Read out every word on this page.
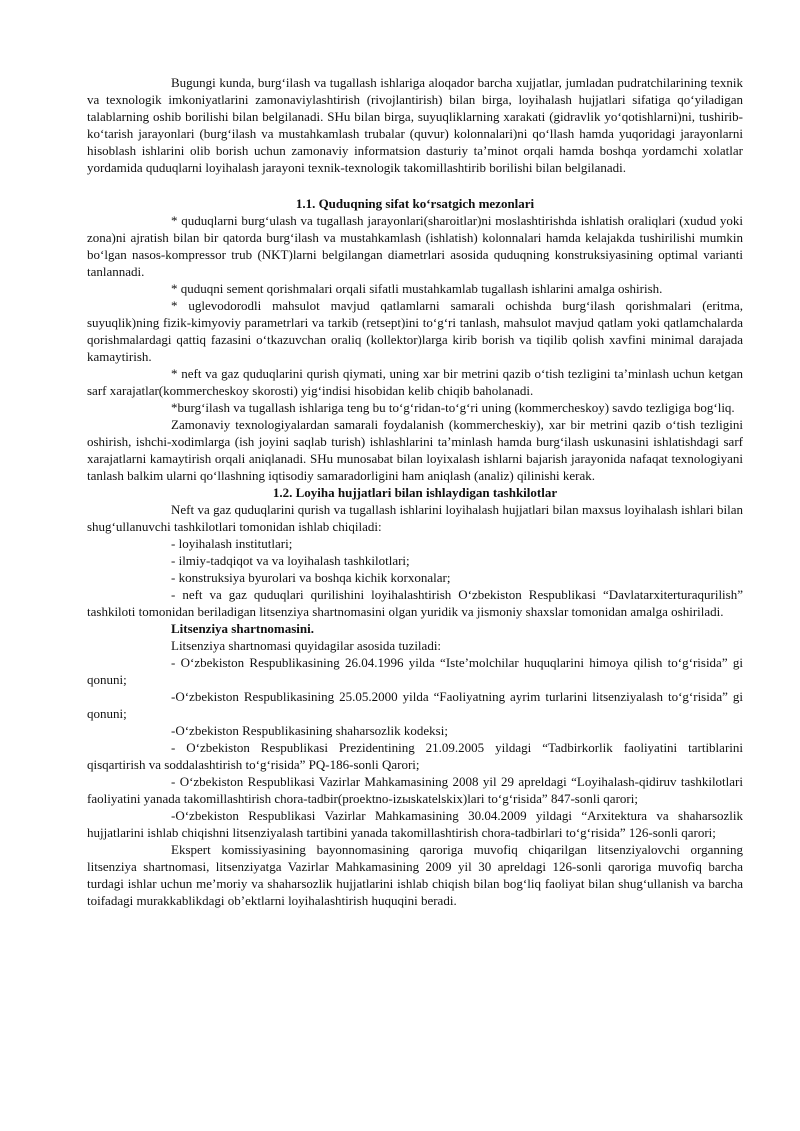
Bugungi kunda, burg‘ilash va tugallash ishlariga aloqador barcha xujjatlar, jumladan pudratchilarining texnik va texnologik imkoniyatlarini zamonaviylashtirish (rivojlantirish) bilan birga, loyihalash hujjatlari sifatiga qo‘yiladigan talablarning oshib borilishi bilan belgilanadi. SHu bilan birga, suyuqliklarning xarakati (gidravlik yo‘qotishlarni)ni, tushirib-ko‘tarish jarayonlari (burg‘ilash va mustahkamlash trubalar (quvur) kolonnalari)ni qo‘llash hamda yuqoridagi jarayonlarni hisoblash ishlarini olib borish uchun zamonaviy informatsion dasturiy ta’minot orqali hamda boshqa yordamchi xolatlar yordamida quduqlarni loyihalash jarayoni texnik-texnologik takomillashtirib borilishi bilan belgilanadi.

1.1. Quduqning sifat ko‘rsatgich mezonlari

* quduqlarni burg‘ulash va tugallash jarayonlari(sharoitlar)ni moslashtirishda ishlatish oraliqlari (xudud yoki zona)ni ajratish bilan bir qatorda burg‘ilash va mustahkamlash (ishlatish) kolonnalari hamda kelajakda tushirilishi mumkin bo‘lgan nasos-kompressor trub (NKT)larni belgilangan diametrlari asosida quduqning konstruksiyasining optimal varianti tanlannadi.

* quduqni sement qorishmalari orqali sifatli mustahkamlab tugallash ishlarini amalga oshirish.

* uglevodorodli mahsulot mavjud qatlamlarni samarali ochishda burg‘ilash qorishmalari (eritma, suyuqlik)ning fizik-kimyoviy parametrlari va tarkib (retsept)ini to‘g‘ri tanlash, mahsulot mavjud qatlam yoki qatlamchalarda qorishmalardagi qattiq fazasini o‘tkazuvchan oraliq (kollektor)larga kirib borish va tiqilib qolish xavfini minimal darajada kamaytirish.

* neft va gaz quduqlarini qurish qiymati, uning xar bir metrini qazib o‘tish tezligini ta’minlash uchun ketgan sarf xarajatlar(kommercheskoy skorosti) yig‘indisi hisobidan kelib chiqib baholanadi.

*burg‘ilash va tugallash ishlariga teng bu to‘g‘ridan-to‘g‘ri uning (kommercheskoy) savdo tezligiga bog‘liq.

Zamonaviy texnologiyalardan samarali foydalanish (kommercheskiy), xar bir metrini qazib o‘tish tezligini oshirish, ishchi-xodimlarga (ish joyini saqlab turish) ishlashlarini ta’minlash hamda burg‘ilash uskunasini ishlatishdagi sarf xarajatlarni kamaytirish orqali aniqlanadi. SHu munosabat bilan loyixalash ishlarni bajarish jarayonida nafaqat texnologiyani tanlash balkim ularni qo‘llashning iqtisodiy samaradorligini ham aniqlash (analiz) qilinishi kerak.

1.2. Loyiha hujjatlari bilan ishlaydigan tashkilotlar

Neft va gaz quduqlarini qurish va tugallash ishlarini loyihalash hujjatlari bilan maxsus loyihalash ishlari bilan shug‘ullanuvchi tashkilotlari tomonidan ishlab chiqiladi:

- loyihalash institutlari;

- ilmiy-tadqiqot va va loyihalash tashkilotlari;

- konstruksiya byurolari va boshqa kichik korxonalar;

- neft va gaz quduqlari qurilishini loyihalashtirish O‘zbekiston Respublikasi “Davlatarxiterturaqurilish” tashkiloti tomonidan beriladigan litsenziya shartnomasini olgan yuridik va jismoniy shaxslar tomonidan amalga oshiriladi.

Litsenziya shartnomasini.

Litsenziya shartnomasi quyidagilar asosida tuziladi:

- O‘zbekiston Respublikasining 26.04.1996 yilda “Iste’molchilar huquqlarini himoya qilish to‘g‘risida” gi qonuni;

-O‘zbekiston Respublikasining 25.05.2000 yilda “Faoliyatning ayrim turlarini litsenziyalash to‘g‘risida” gi qonuni;

-O‘zbekiston Respublikasining shaharsozlik kodeksi;

- O‘zbekiston Respublikasi Prezidentining 21.09.2005 yildagi “Tadbirkorlik faoliyatini tartiblarini qisqartirish va soddalashtirish to‘g‘risida” PQ-186-sonli Qarori;

- O‘zbekiston Respublikasi Vazirlar Mahkamasining 2008 yil 29 apreldagi “Loyihalash-qidiruv tashkilotlari faoliyatini yanada takomillashtirish chora-tadbir(proektno-izыskatelskix)lari to‘g‘risida” 847-sonli qarori;

-O‘zbekiston Respublikasi Vazirlar Mahkamasining 30.04.2009 yildagi “Arxitektura va shaharsozlik hujjatlarini ishlab chiqishni litsenziyalash tartibini yanada takomillashtirish chora-tadbirlari to‘g‘risida” 126-sonli qarori;

Ekspert komissiyasining bayonnomasining qaroriga muvofiq chiqarilgan litsenziyalovchi organning litsenziya shartnomasi, litsenziyatga Vazirlar Mahkamasining 2009 yil 30 apreldagi 126-sonli qaroriga muvofiq barcha turdagi ishlar uchun me’moriy va shaharsozlik hujjatlarini ishlab chiqish bilan bog‘liq faoliyat bilan shug‘ullanish va barcha toifadagi murakkablikdagi ob’ektlarni loyihalashtirish huquqini beradi.
